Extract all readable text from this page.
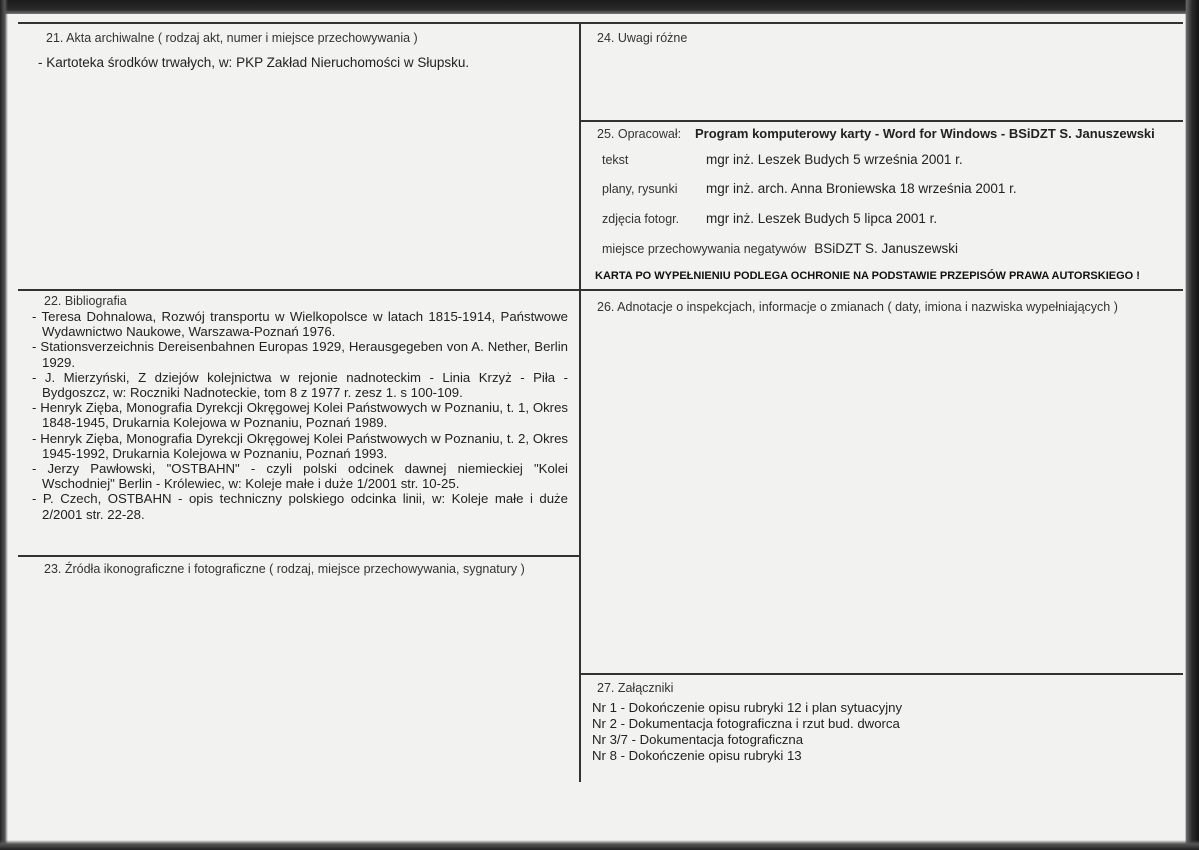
21. Akta archiwalne ( rodzaj akt, numer i miejsce przechowywania )
- Kartoteka środków trwałych, w: PKP Zakład Nieruchomości w Słupsku.
22. Bibliografia

- Teresa Dohnalowa, Rozwój transportu w Wielkopolsce w latach 1815-1914, Państwowe Wydawnictwo Naukowe, Warszawa-Poznań 1976.

- Stationsverzeichnis Dereisenbahnen Europas 1929, Herausgegeben von A. Nether, Berlin 1929.

- J. Mierzyński, Z dziejów kolejnictwa w rejonie nadnoteckim - Linia Krzyż - Piła - Bydgoszcz, w: Roczniki Nadnoteckie, tom 8 z 1977 r. zesz 1. s 100-109.

- Henryk Zięba, Monografia Dyrekcji Okręgowej Kolei Państwowych w Poznaniu, t. 1, Okres 1848-1945, Drukarnia Kolejowa w Poznaniu, Poznań 1989.

- Henryk Zięba, Monografia Dyrekcji Okręgowej Kolei Państwowych w Poznaniu, t. 2, Okres 1945-1992, Drukarnia Kolejowa w Poznaniu, Poznań 1993.

- Jerzy Pawłowski, "OSTBAHN" - czyli polski odcinek dawnej niemieckiej "Kolei Wschodniej" Berlin - Królewiec, w: Koleje małe i duże 1/2001 str. 10-25.

- P. Czech, OSTBAHN - opis techniczny polskiego odcinka linii, w: Koleje małe i duże 2/2001 str. 22-28.

23. Źródła ikonograficzne i fotograficzne ( rodzaj, miejsce przechowywania, sygnatury )
24. Uwagi różne
25. Opracował: Program komputerowy karty - Word for Windows - BSiDZT S. Januszewski
tekst	mgr inż. Leszek Budych 5 września 2001 r.
plany, rysunki mgr inż. arch. Anna Broniewska 18 września 2001 r.
zdjęcia fotogr. mgr inż. Leszek Budych 5 lipca 2001 r.
miejsce przechowywania negatywów BSiDZT S. Januszewski
KARTA PO WYPEŁNIENIU PODLEGA OCHRONIE NA PODSTAWIE PRZEPISÓW PRAWA AUTORSKIEGO !
26. Adnotacje o inspekcjach, informacje o zmianach ( daty, imiona i nazwiska wypełniających )
27. Załączniki
Nr 1 - Dokończenie opisu rubryki 12 i plan sytuacyjny
Nr 2 - Dokumentacja fotograficzna i rzut bud. dworca
Nr 3/7 - Dokumentacja fotograficzna
Nr 8 - Dokończenie opisu rubryki 13
